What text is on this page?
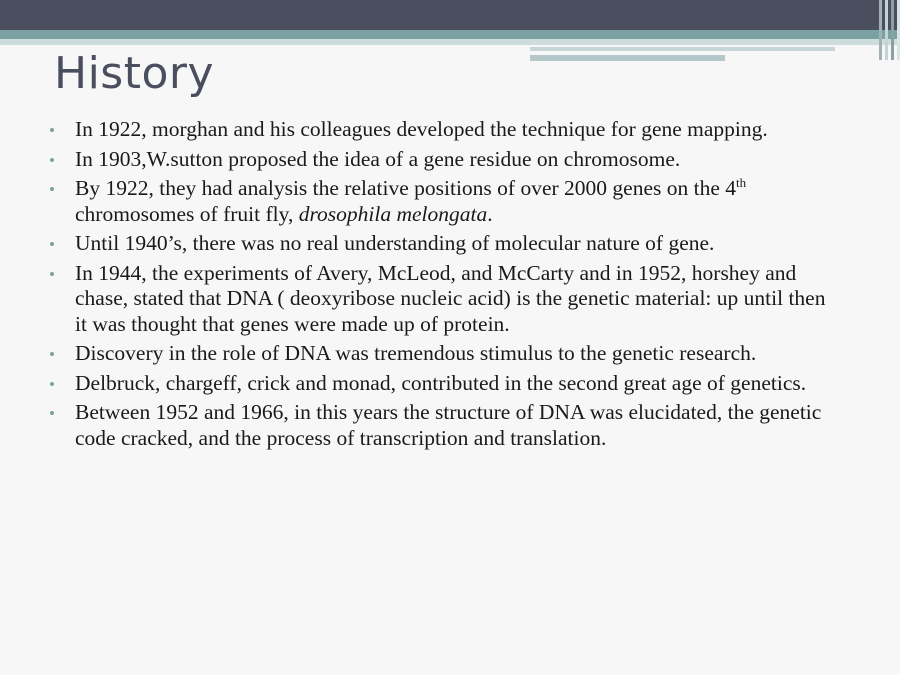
History
• In 1922, morghan and his colleagues developed the technique for gene mapping.
• In 1903,W.sutton proposed the idea of a gene residue on chromosome.
• By 1922, they had analysis the relative positions of over 2000 genes on the 4th chromosomes of fruit fly, drosophila melongata.
• Until 1940’s, there was no real understanding of molecular nature of gene.
• In 1944, the experiments of Avery, McLeod, and McCarty and in 1952, horshey and chase, stated that DNA ( deoxyribose nucleic acid) is the genetic material: up until then it was thought that genes were made up of protein.
• Discovery in the role of DNA was tremendous stimulus to the genetic research.
• Delbruck, chargeff, crick and monad, contributed in the second great age of genetics.
• Between 1952 and 1966, in this years the structure of DNA was elucidated, the genetic code cracked, and the process of transcription and translation.
